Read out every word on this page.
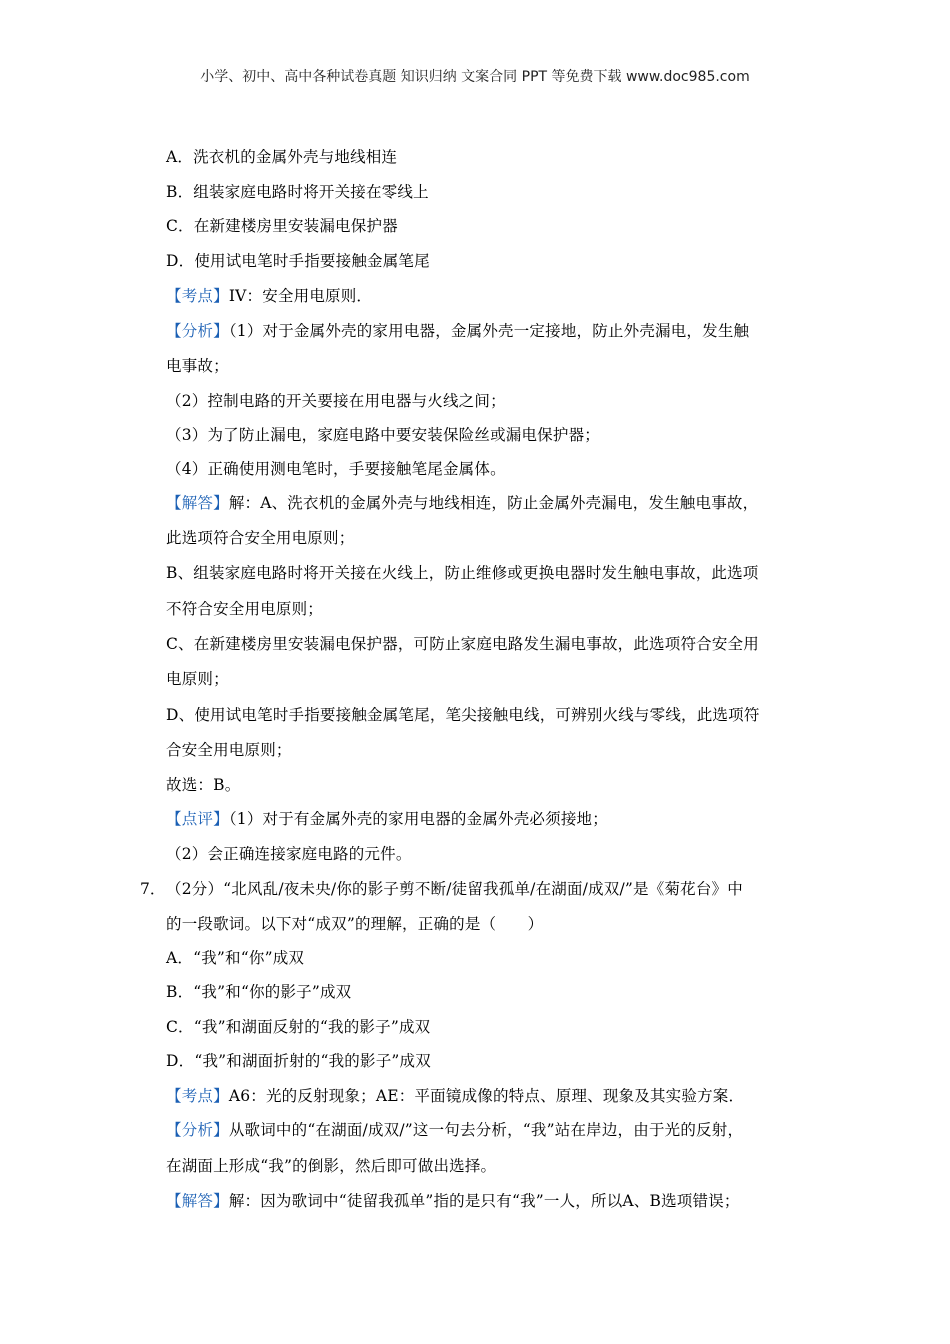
小学、初中、高中各种试卷真题 知识归纳 文案合同 PPT 等免费下载 www.doc985.com
A．洗衣机的金属外壳与地线相连
B．组装家庭电路时将开关接在零线上
C．在新建楼房里安装漏电保护器
D．使用试电笔时手指要接触金属笔尾
【考点】IV：安全用电原则．
【分析】（1）对于金属外壳的家用电器，金属外壳一定接地，防止外壳漏电，发生触
电事故；
（2）控制电路的开关要接在用电器与火线之间；
（3）为了防止漏电，家庭电路中要安装保险丝或漏电保护器；
（4）正确使用测电笔时，手要接触笔尾金属体。
【解答】解：A、洗衣机的金属外壳与地线相连，防止金属外壳漏电，发生触电事故，
此选项符合安全用电原则；
B、组装家庭电路时将开关接在火线上，防止维修或更换电器时发生触电事故，此选项
不符合安全用电原则；
C、在新建楼房里安装漏电保护器，可防止家庭电路发生漏电事故，此选项符合安全用
电原则；
D、使用试电笔时手指要接触金属笔尾，笔尖接触电线，可辨别火线与零线，此选项符
合安全用电原则；
故选：B。
【点评】（1）对于有金属外壳的家用电器的金属外壳必须接地；
（2）会正确连接家庭电路的元件。
7． （2分）“北风乱/夜未央/你的影子剪不断/徒留我孤单/在湖面/成双/”是《菊花台》中
的一段歌词。以下对“成双”的理解，正确的是（　　）
A．“我”和“你”成双
B．“我”和“你的影子”成双
C．“我”和湖面反射的“我的影子”成双
D．“我”和湖面折射的“我的影子”成双
【考点】A6：光的反射现象；AE：平面镜成像的特点、原理、现象及其实验方案．
【分析】从歌词中的“在湖面/成双/”这一句去分析，“我”站在岸边，由于光的反射，
在湖面上形成“我”的倒影，然后即可做出选择。
【解答】解：因为歌词中“徒留我孤单”指的是只有“我”一人，所以A、B选项错误；
